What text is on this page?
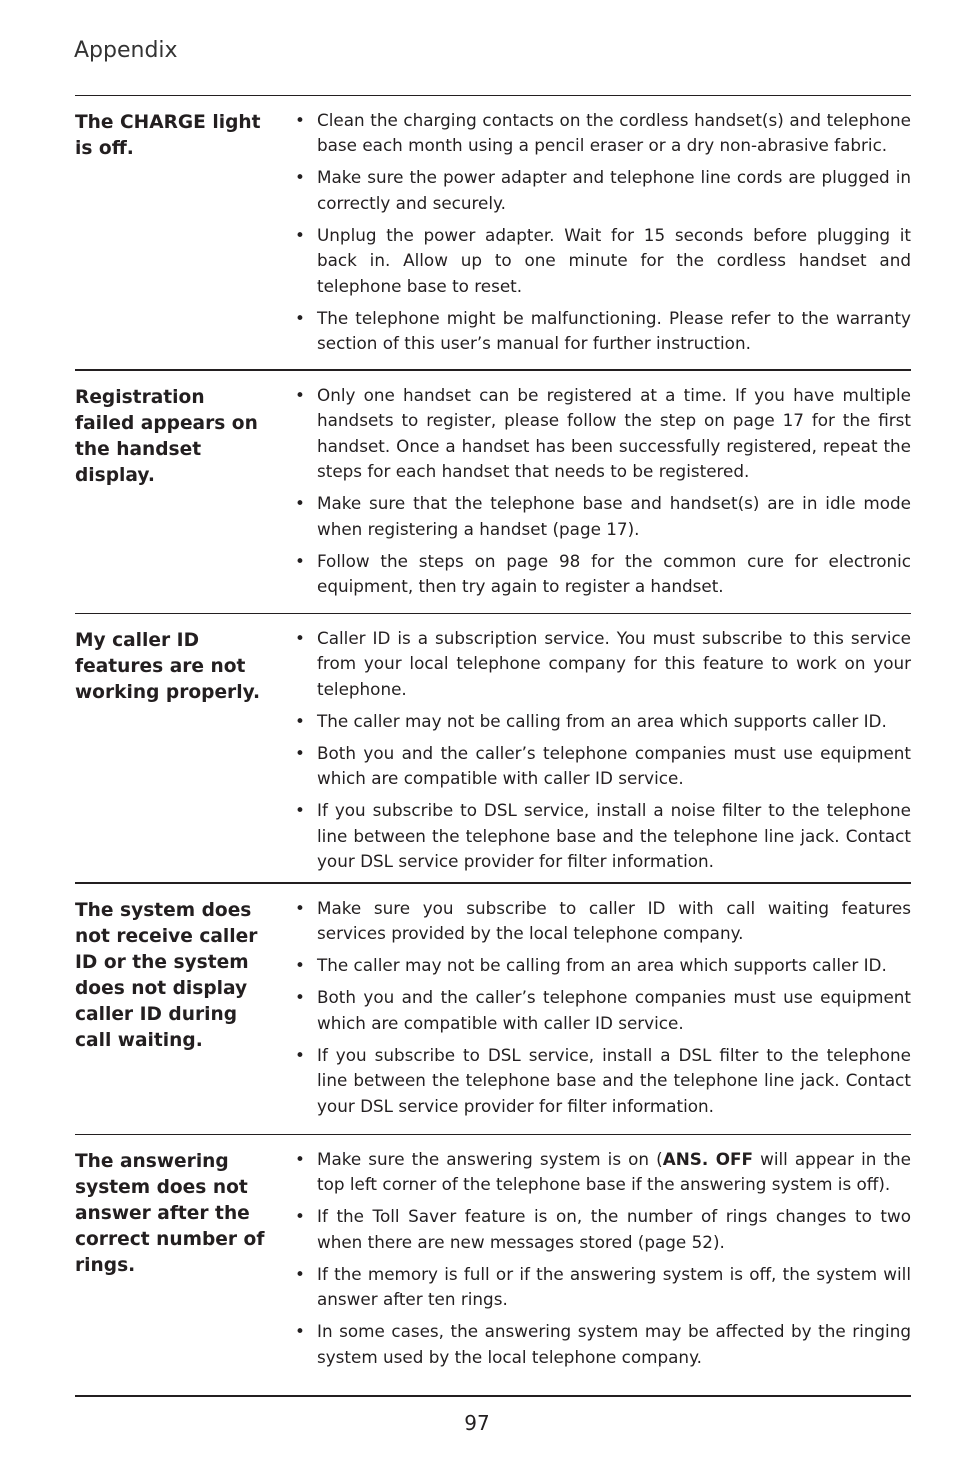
Appendix
The CHARGE light is off.
• Clean the charging contacts on the cordless handset(s) and telephone base each month using a pencil eraser or a dry non-abrasive fabric.
• Make sure the power adapter and telephone line cords are plugged in correctly and securely.
• Unplug the power adapter. Wait for 15 seconds before plugging it back in. Allow up to one minute for the cordless handset and telephone base to reset.
• The telephone might be malfunctioning. Please refer to the warranty section of this user’s manual for further instruction.
Registration failed appears on the handset display.
• Only one handset can be registered at a time. If you have multiple handsets to register, please follow the step on page 17 for the first handset. Once a handset has been successfully registered, repeat the steps for each handset that needs to be registered.
• Make sure that the telephone base and handset(s) are in idle mode when registering a handset (page 17).
• Follow the steps on page 98 for the common cure for electronic equipment, then try again to register a handset.
My caller ID features are not working properly.
• Caller ID is a subscription service. You must subscribe to this service from your local telephone company for this feature to work on your telephone.
• The caller may not be calling from an area which supports caller ID.
• Both you and the caller’s telephone companies must use equipment which are compatible with caller ID service.
• If you subscribe to DSL service, install a noise filter to the telephone line between the telephone base and the telephone line jack. Contact your DSL service provider for filter information.
The system does not receive caller ID or the system does not display caller ID during call waiting.
• Make sure you subscribe to caller ID with call waiting features services provided by the local telephone company.
• The caller may not be calling from an area which supports caller ID.
• Both you and the caller’s telephone companies must use equipment which are compatible with caller ID service.
• If you subscribe to DSL service, install a DSL filter to the telephone line between the telephone base and the telephone line jack. Contact your DSL service provider for filter information.
The answering system does not answer after the correct number of rings.
• Make sure the answering system is on (ANS. OFF will appear in the top left corner of the telephone base if the answering system is off).
• If the Toll Saver feature is on, the number of rings changes to two when there are new messages stored (page 52).
• If the memory is full or if the answering system is off, the system will answer after ten rings.
• In some cases, the answering system may be affected by the ringing system used by the local telephone company.
97
